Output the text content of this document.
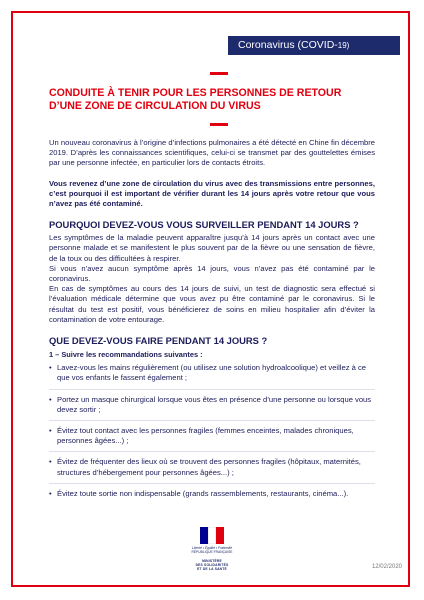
Coronavirus (COVID-19)
CONDUITE À TENIR POUR LES PERSONNES DE RETOUR
D’UNE ZONE DE CIRCULATION DU VIRUS

Un nouveau coronavirus à l’origine d’infections pulmonaires a été détecté en Chine fin décembre 2019. D’après les connaissances scientifiques, celui-ci se transmet par des gouttelettes émises par une personne infectée, en particulier lors de contacts étroits.

Vous revenez d’une zone de circulation du virus avec des transmissions entre personnes, c’est pourquoi il est important de vérifier durant les 14 jours après votre retour que vous n’avez pas été contaminé.

POURQUOI DEVEZ-VOUS VOUS SURVEILLER PENDANT 14 JOURS ?

Les symptômes de la maladie peuvent apparaître jusqu’à 14 jours après un contact avec une personne malade et se manifestent le plus souvent par de la fièvre ou une sensation de fièvre, de la toux ou des difficultées à respirer.

Si vous n’avez aucun symptôme après 14 jours, vous n’avez pas été contaminé par le coronavirus.

En cas de symptômes au cours des 14 jours de suivi, un test de diagnostic sera effectué si l’évaluation médicale détermine que vous avez pu être contaminé par le coronavirus. Si le résultat du test est positif, vous bénéficierez de soins en milieu hospitalier afin d’éviter la contamination de votre entourage.

QUE DEVEZ-VOUS FAIRE PENDANT 14 JOURS ?
1 – Suivre les recommandations suivantes :
• Lavez-vous les mains régulièrement (ou utilisez une solution hydroalcoolique) et veillez à ce que vos enfants le fassent également ;
• Portez un masque chirurgical lorsque vous êtes en présence d’une personne ou lorsque vous devez sortir ;
• Évitez tout contact avec les personnes fragiles (femmes enceintes, malades chroniques, personnes âgées...) ;
• Évitez de fréquenter des lieux où se trouvent des personnes fragiles (hôpitaux, maternités, structures d’hébergement pour personnes âgées...) ;
• Évitez toute sortie non indispensable (grands rassemblements, restaurants, cinéma...).
Liberté • Égalité • Fraternité
RÉPUBLIQUE FRANÇAISE
MINISTÈRE
DES SOLIDARITÉS
ET DE LA SANTÉ	12/02/2020
